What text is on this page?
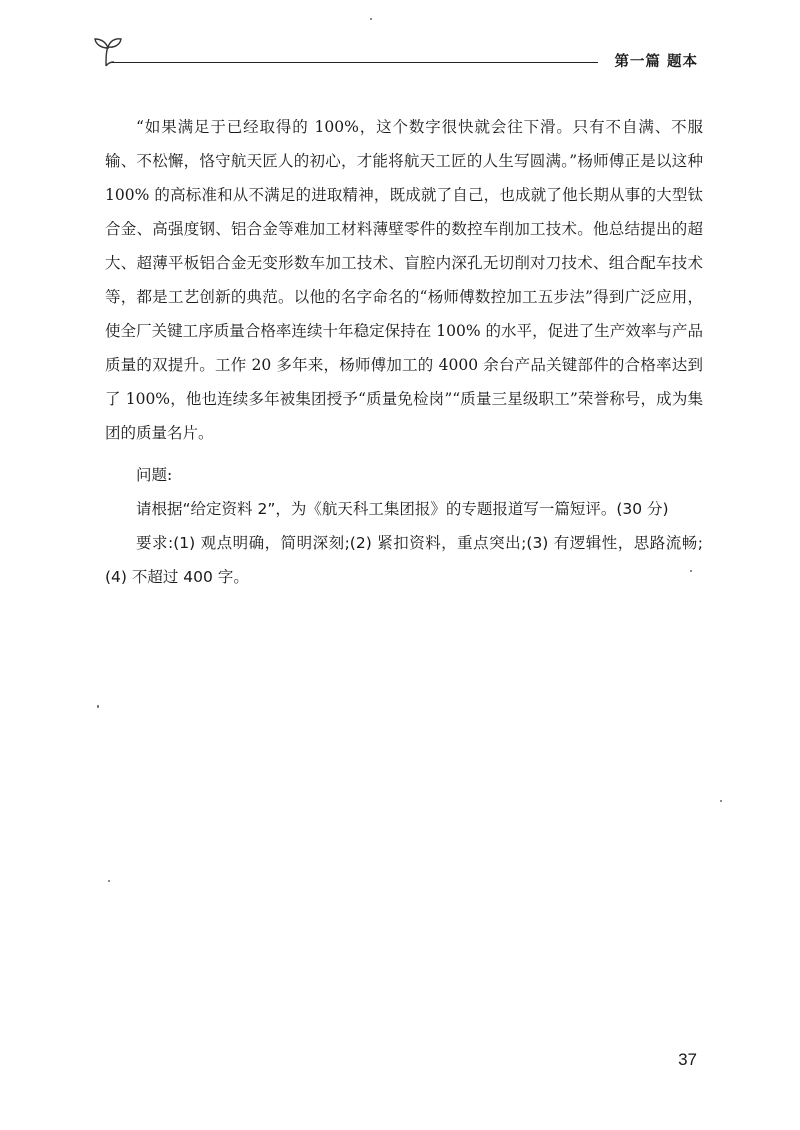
第一篇 题本

“如果满足于已经取得的 100%，这个数字很快就会往下滑。只有不自满、不服输、不松懈，恪守航天匠人的初心，才能将航天工匠的人生写圆满。”杨师傅正是以这种 100% 的高标准和从不满足的进取精神，既成就了自己，也成就了他长期从事的大型钛合金、高强度钢、铝合金等难加工材料薄壁零件的数控车削加工技术。他总结提出的超大、超薄平板铝合金无变形数车加工技术、盲腔内深孔无切削对刀技术、组合配车技术等，都是工艺创新的典范。以他的名字命名的“杨师傅数控加工五步法”得到广泛应用，使全厂关键工序质量合格率连续十年稳定保持在 100% 的水平，促进了生产效率与产品质量的双提升。工作 20 多年来，杨师傅加工的 4000 余台产品关键部件的合格率达到了 100%，他也连续多年被集团授予“质量免检岗”“质量三星级职工”荣誉称号，成为集团的质量名片。

问题:

请根据“给定资料 2”，为《航天科工集团报》的专题报道写一篇短评。(30 分)

要求:(1) 观点明确，简明深刻;(2) 紧扣资料，重点突出;(3) 有逻辑性，思路流畅;(4) 不超过 400 字。

37
